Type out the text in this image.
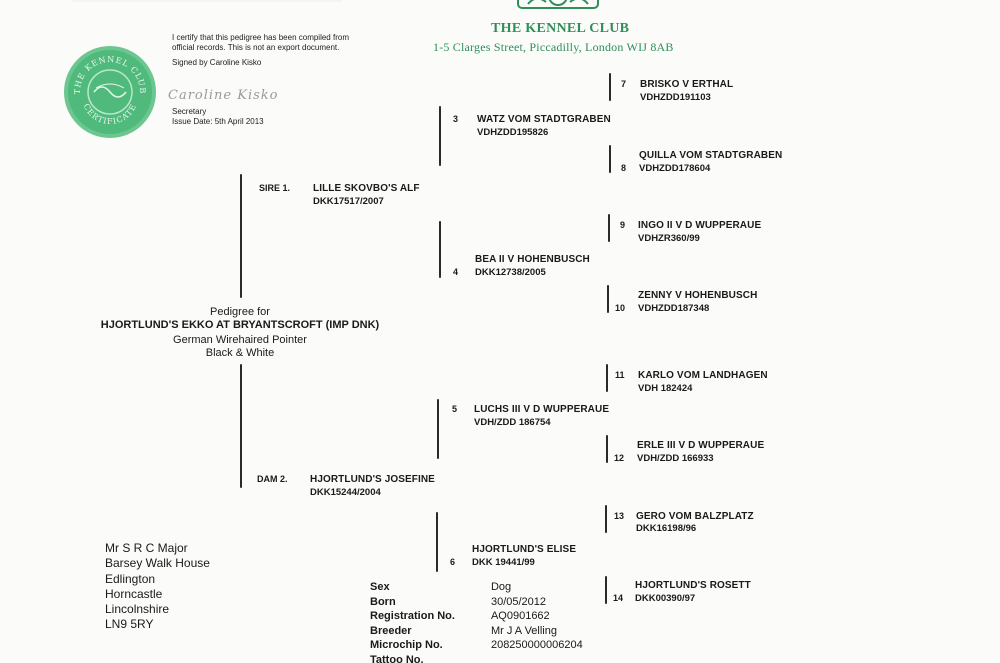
THE KENNEL CLUB
1-5 Clarges Street, Piccadilly, London WIJ 8AB
THE KENNEL CLUB
CERTIFICATE
I certify that this pedigree has been compiled from
official records. This is not an export document.
Signed by Caroline Kisko
Caroline Kisko
Secretary
Issue Date: 5th April 2013
Pedigree for
HJORTLUND'S EKKO AT BRYANTSCROFT (IMP DNK)
German Wirehaired Pointer
Black & White
SIRE 1. LILLE SKOVBO'S ALF
DKK17517/2007
DAM 2. HJORTLUND'S JOSEFINE
DKK15244/2004
3 WATZ VOM STADTGRABEN
VDHZDD195826
BEA II V HOHENBUSCH
4 DKK12738/2005
5 LUCHS III V D WUPPERAUE
VDH/ZDD 186754
HJORTLUND'S ELISE
6 DKK 19441/99
7 BRISKO V ERTHAL
VDHZDD191103
QUILLA VOM STADTGRABEN
8 VDHZDD178604
9 INGO II V D WUPPERAUE
VDHZR360/99
ZENNY V HOHENBUSCH
10 VDHZDD187348
11 KARLO VOM LANDHAGEN
VDH 182424
ERLE III V D WUPPERAUE
12 VDH/ZDD 166933
13 GERO VOM BALZPLATZ
DKK16198/96
HJORTLUND'S ROSETT
14 DKK00390/97
Mr S R C Major
Barsey Walk House
Edlington
Horncastle
Lincolnshire
LN9 5RY
Sex	Dog
Born	30/05/2012
Registration No.	AQ0901662
Breeder	Mr J A Velling
Microchip No.	208250000006204
Tattoo No.	
